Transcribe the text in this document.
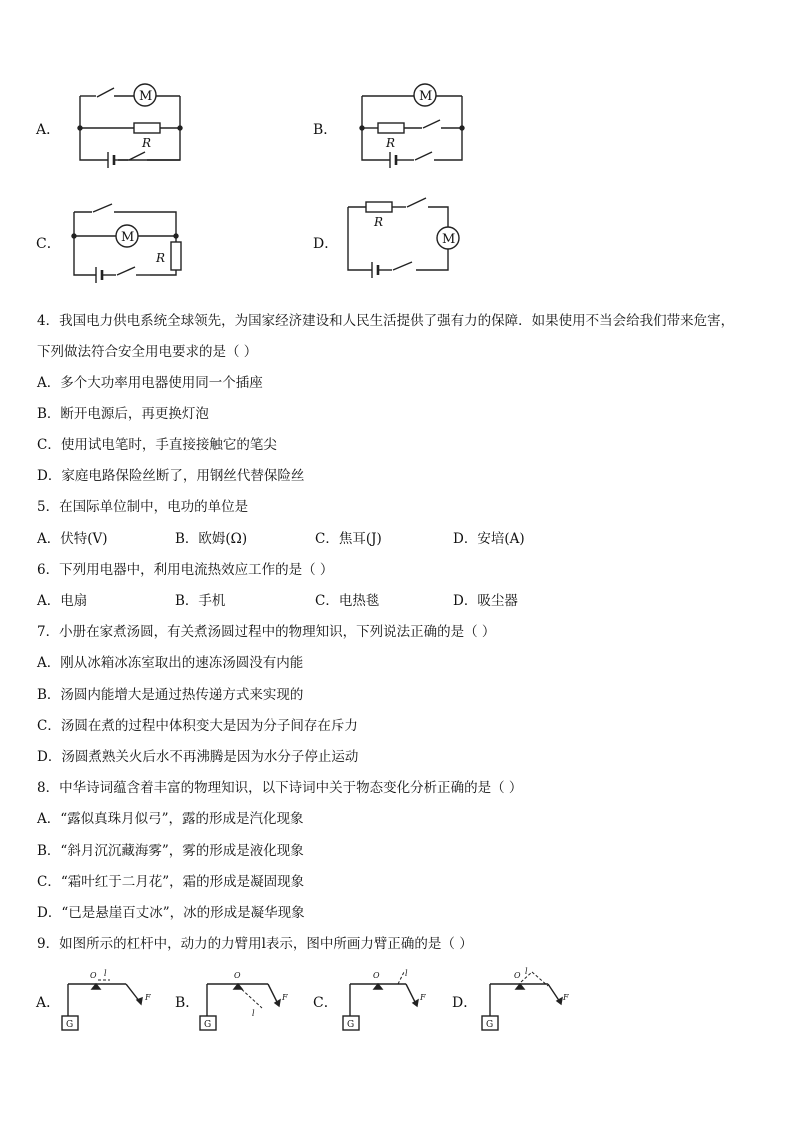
A．
M
R
B．
M
R
C．	M
R
D．
R
M
4．我国电力供电系统全球领先，为国家经济建设和人民生活提供了强有力的保障．如果使用不当会给我们带来危害，
下列做法符合安全用电要求的是（ ）
A．多个大功率用电器使用同一个插座
B．断开电源后，再更换灯泡
C．使用试电笔时，手直接接触它的笔尖
D．家庭电路保险丝断了，用钢丝代替保险丝
5．在国际单位制中，电功的单位是
A．伏特(V)	B．欧姆(Ω)	C．焦耳(J)	D．安培(A)
6．下列用电器中，利用电流热效应工作的是（ ）
A．电扇	B．手机	C．电热毯	D．吸尘器
7．小册在家煮汤圆，有关煮汤圆过程中的物理知识，下列说法正确的是（ ）
A．刚从冰箱冰冻室取出的速冻汤圆没有内能
B．汤圆内能增大是通过热传递方式来实现的
C．汤圆在煮的过程中体积变大是因为分子间存在斥力
D．汤圆煮熟关火后水不再沸腾是因为水分子停止运动
8．中华诗词蕴含着丰富的物理知识，以下诗词中关于物态变化分析正确的是（ ）
A．“露似真珠月似弓”，露的形成是汽化现象
B．“斜月沉沉藏海雾”，雾的形成是液化现象
C．“霜叶红于二月花”，霜的形成是凝固现象
D．“已是悬崖百丈冰”，冰的形成是凝华现象
9．如图所示的杠杆中，动力的力臂用l表示，图中所画力臂正确的是（ ）
A．
G
O l
F B．
G
O
l
F C．
G
O	l
F D．
G
O l
F
